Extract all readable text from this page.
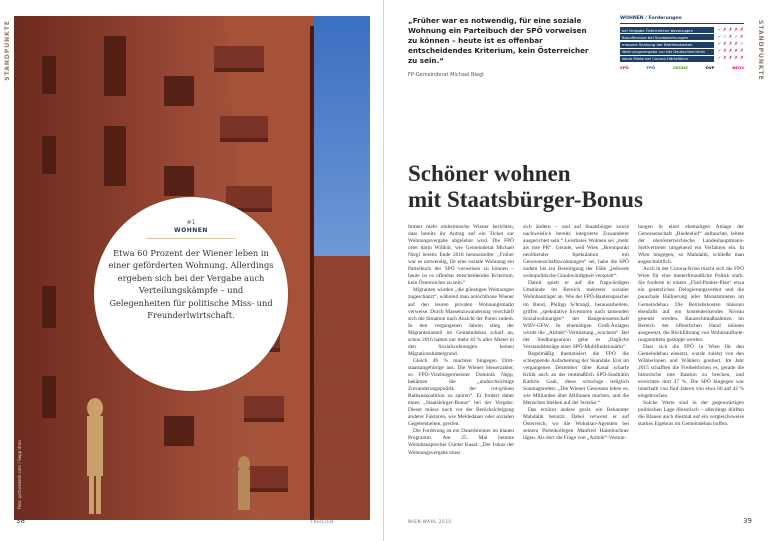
STANDPUNKTE
Foto: picturedesk.com / Sepp Uran
#1
WOHNEN
Etwa 60 Prozent der Wiener leben in einer geförderten Wohnung. Allerdings ergeben sich bei der Vergabe auch Verteilungskämpfe – und Gelegenheiten für politische Miss- und Freunderlwirtschaft.
38	FREILICH
STANDPUNKTE
„Früher war es notwendig, für eine soziale Wohnung ein Parteibuch der SPÖ vorweisen zu können – heute ist es offenbar entscheidendes Kriterium, kein Österreicher zu sein.“
FP-Gemeinderat Michael Niegl
WOHNEN / Forderungen
bei Vergabe Österreicher bevorzugen	✓ ✗ ✗ ✗ ✗
Bauoffensive bei Sozialwohnungen	✓ ✓ ✗ ✓ ✗
massive Senkung der Betriebskosten	✓ ✗ ✗ ✗ ✓
Wohnungsvergabe nur bei Deutschkenntnis	✓ ✗ ✗ ✗ ✗
keine Miete bei Corona-Härtefällen	✓ ✗ ✗ ✗ ✗
SPÖ	FPÖ	GRÜNE	ÖVP	NEOS
Schöner wohnen
mit Staatsbürger-Bonus

Immer mehr einheimische Wiener berichten, dass bereits ihr Antrag auf ein Ticket zur Wohnungsvergabe abgelehnt wird. Die FPÖ ortet darin Willkür, wie Gemeinderat Michael Niegl bereits Ende 2018 herausstellte: „Früher war es notwendig, für eine soziale Wohnung ein Parteibuch der SPÖ vorweisen zu können – heute ist es offenbar entscheidendes Kriterium, kein Österreicher zu sein.“

Migranten würden „die günstigen Wohnungen zugeschanzt“, während man autochthone Wiener auf den teuren privaten Wohnungsmarkt verweise. Durch Massenzuwanderung verschärft sich die Situation nach Ansicht der Partei zudem. In den vergangenen Jahren stieg der Migrantenanteil im Gemeindebau scharf an, schon 2016 hatten nur mehr 43 % aller Mieter in den Sozialwohnungen keinen Migrationshintergrund.

Gleich 46 % machten hingegen Drittstaatsangehörige aus. Die Wiener Steuerzahler, so FPÖ-Vizebürgermeister Dominik Nepp, bekämen die „undurchsichtige Zuwanderungspolitik der rot-grünen Rathauskoalition zu spüren“. Er fordert daher einen „Staatsbürger-Bonus“ bei der Vergabe. Dieser müsse noch vor der Berücksichtigung anderer Faktoren, wie Meldedauer oder sozialen Gegebenheiten, greifen.

Die Forderung ist ein Dauerbrenner im blauen Programm. Am 25. Mai betonte Wohnbausprecher Günter Kasal: „Der Fokus der Wohnungsvergabe muss

sich ändern – und auf Staatsbürger sowie nachweislich bereits integrierte Zuwanderer ausgerichtet sein.“ Leistbares Wohnen sei „mehr als rote PR“. Gerade, weil Wien „Brennpunkt neoliberaler Spekulation mit Genossenschaftswohnungen“ sei, habe die SPÖ zudem bis zur Beseitigung der Fälle „jedwede wohnpolitische Glaubwürdigkeit verspielt“.

Damit spielt er auf die fragwürdigen Umstände im Bereich mehrerer sozialer Wohnbauträger an. Wie der FPÖ-Bautensprecher im Bund, Philipp Schrangl, herausarbeitete, griffen „spekulative Investoren nach tausenden Sozialwohnungen“ der Baugenossenschaft WBV-GFW. In ehemaligen Groß-Anlagen würde die „Airbnb“-Vermietung „wuchern“. Bei der Siedlungsunion gebe es „fragliche Verstandsbezüge einer SPÖ-Multifunktionärin“.

Regelmäßig thematisiert die FPÖ die schleppende Aufarbeitung der Skandale. Erst im vergangenen Dezember übte Kasal scharfe Kritik auch an der mutmaßlich SPÖ-Stadträtin Kathrin Gaál, diese schwinge lediglich Sonntagsreden: „Die Wiener Genossen leben es, wie Milliarden über Millionen machen, und die Menschen bleiben auf der Strecke.“

Das erzürnt andere gerät, ein Bekannter Mahdalik benutzt. Dabei verweist er auf Österreich, wo die Wohnbau-Agenden bei seinem Parteikollegen Manfred Haimbuchner lägen. Als dort die Frage von „Airbnb“-Vermie-

tungen in einer ehemaligen Anlage der Genossenschaft „Riedenhof“ auftauchte, leitete der oberösterreichische Landeshauptmann-Stellvertreter umgehend ein Verfahren ein. In Wien hingegen, so Mahdalik, schließe man angeschnittlich.

Auch in der Corona-Krise macht sich die FPÖ Wien für eine mieterfreundliche Politik stark. Sie forderte in einem „Fünf-Punkte-Plan“ etwa ein gesetzliches Delogierungsverbot und die pauschale Halbierung aller Monatsmieten im Gemeindebau. Die Betriebskosten müssten ebenfalls auf ein kostendeckendes Niveau gesenkt werden. Bauzechtmaßnahmen im Bereich der öffentlichen Hand müssen ausgesetzt, die Rückführung von Wohnbaufinderungsmitteln gestoppt werden.

Dass sich die FPÖ in Wien für den Gemeindebau einsetzt, wurde zuletzt von den Wählerinnen und Wählern goutiert. Im Jahr 2015 schafften die Freiheitlichen es, gerade die historische rote Bastion zu brechen, und erreichten dort 47 %. Die SPÖ hingegen war innerhalb von fünf Jahren von etwa 60 auf 42 % eingebrochen.

Solche Werte sind in der gegenwärtigen politischen Lage illusorisch – allerdings dürften die Blauen auch diesmal auf ein vergleichsweise starkes Ergebnis im Gemeindebau hoffen.

39
WIEN-WAHL 2020
